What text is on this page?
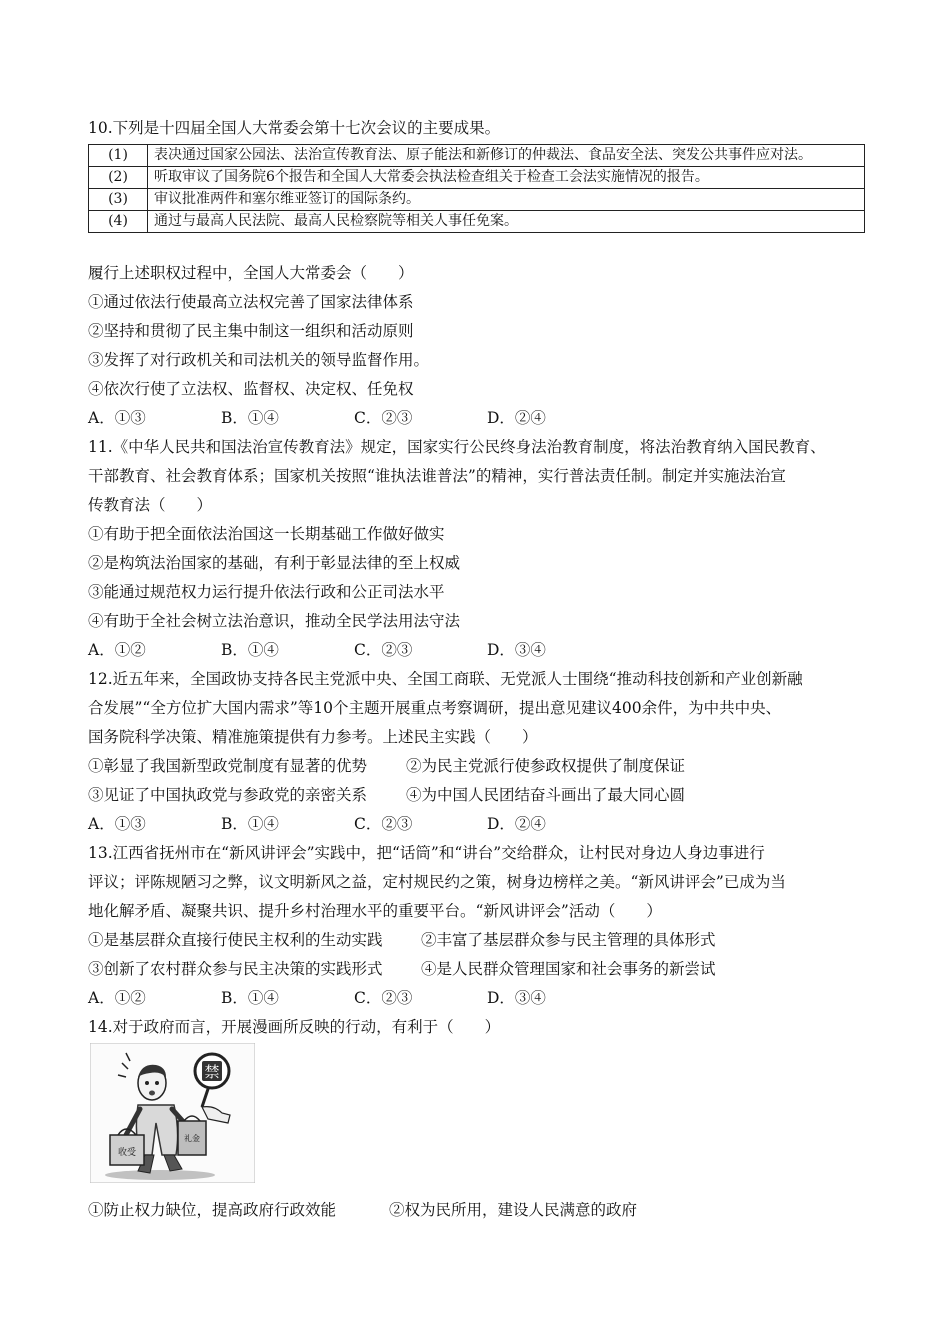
10.下列是十四届全国人大常委会第十七次会议的主要成果。
(1)	表决通过国家公园法、法治宣传教育法、原子能法和新修订的仲裁法、食品安全法、突发公共事件应对法。
(2)	听取审议了国务院6个报告和全国人大常委会执法检查组关于检查工会法实施情况的报告。
(3)	审议批准两件和塞尔维亚签订的国际条约。
(4)	通过与最高人民法院、最高人民检察院等相关人事任免案。
履行上述职权过程中，全国人大常委会（　　）
①通过依法行使最高立法权完善了国家法律体系
②坚持和贯彻了民主集中制这一组织和活动原则
③发挥了对行政机关和司法机关的领导监督作用。
④依次行使了立法权、监督权、决定权、任免权
A．①③	B．①④	C．②③	D．②④
11.《中华人民共和国法治宣传教育法》规定，国家实行公民终身法治教育制度，将法治教育纳入国民教育、
干部教育、社会教育体系；国家机关按照“谁执法谁普法”的精神，实行普法责任制。制定并实施法治宣
传教育法（　　）
①有助于把全面依法治国这一长期基础工作做好做实
②是构筑法治国家的基础，有利于彰显法律的至上权威
③能通过规范权力运行提升依法行政和公正司法水平
④有助于全社会树立法治意识，推动全民学法用法守法
A．①②	B．①④	C．②③	D．③④
12.近五年来，全国政协支持各民主党派中央、全国工商联、无党派人士围绕“推动科技创新和产业创新融
合发展”“全方位扩大国内需求”等10个主题开展重点考察调研，提出意见建议400余件，为中共中央、
国务院科学决策、精准施策提供有力参考。上述民主实践（　　）
①彰显了我国新型政党制度有显著的优势	②为民主党派行使参政权提供了制度保证
③见证了中国执政党与参政党的亲密关系	④为中国人民团结奋斗画出了最大同心圆
A．①③	B．①④	C．②③	D．②④
13.江西省抚州市在“新风讲评会”实践中，把“话筒”和“讲台”交给群众，让村民对身边人身边事进行
评议；评陈规陋习之弊，议文明新风之益，定村规民约之策，树身边榜样之美。“新风讲评会”已成为当
地化解矛盾、凝聚共识、提升乡村治理水平的重要平台。“新风讲评会”活动（　　）
①是基层群众直接行使民主权利的生动实践 ②丰富了基层群众参与民主管理的具体形式
③创新了农村群众参与民主决策的实践形式 ④是人民群众管理国家和社会事务的新尝试
A．①②	B．①④	C．②③	D．③④
14.对于政府而言，开展漫画所反映的行动，有利于（　　）
收受
礼金
禁
①防止权力缺位，提高政府行政效能	②权为民所用，建设人民满意的政府
